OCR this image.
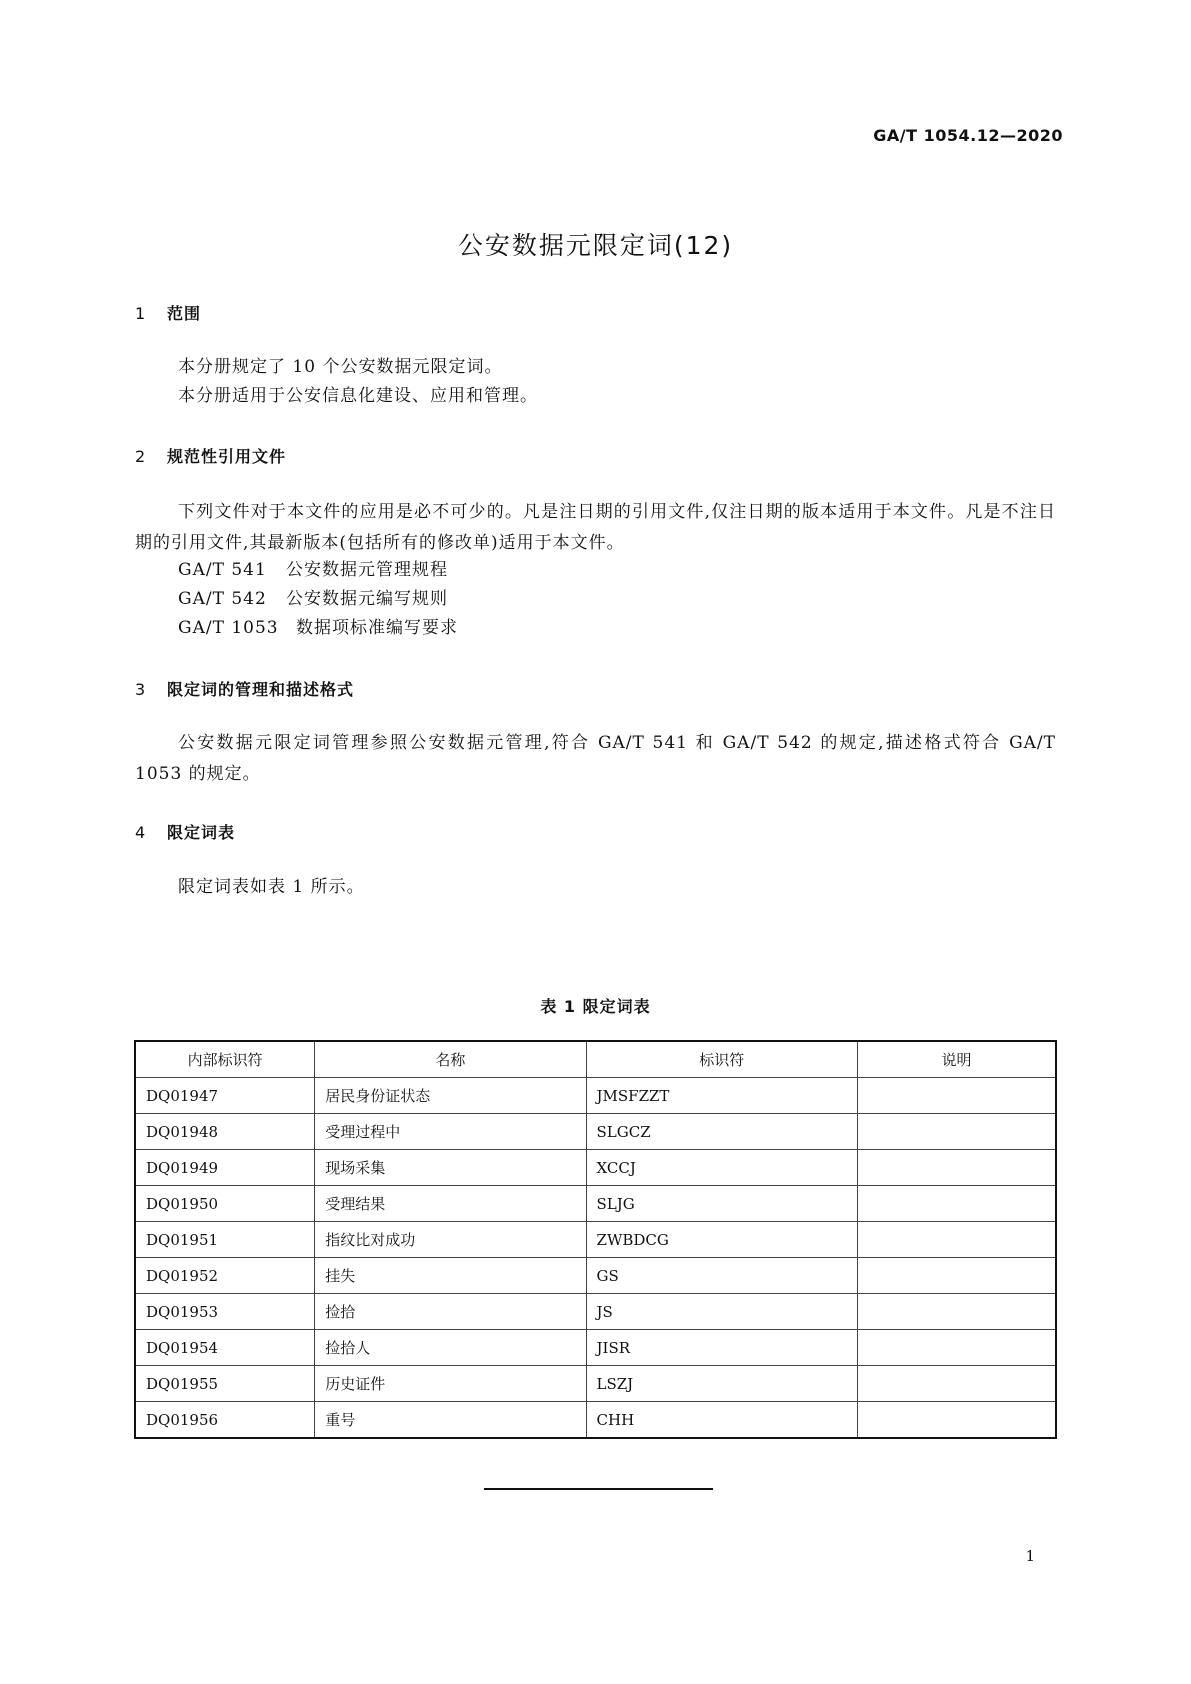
GA/T 1054.12—2020
公安数据元限定词(12)
1 范围
本分册规定了 10 个公安数据元限定词。
本分册适用于公安信息化建设、应用和管理。
2 规范性引用文件
下列文件对于本文件的应用是必不可少的。凡是注日期的引用文件,仅注日期的版本适用于本文件。凡是不注日期的引用文件,其最新版本(包括所有的修改单)适用于本文件。
GA/T 541 公安数据元管理规程
GA/T 542 公安数据元编写规则
GA/T 1053 数据项标准编写要求
3 限定词的管理和描述格式
公安数据元限定词管理参照公安数据元管理,符合 GA/T 541 和 GA/T 542 的规定,描述格式符合 GA/T 1053 的规定。
4 限定词表
限定词表如表 1 所示。
表 1 限定词表
内部标识符	名称	标识符	说明
DQ01947	居民身份证状态	JMSFZZT	
DQ01948	受理过程中	SLGCZ	
DQ01949	现场采集	XCCJ	
DQ01950	受理结果	SLJG	
DQ01951	指纹比对成功	ZWBDCG	
DQ01952	挂失	GS	
DQ01953	捡拾	JS	
DQ01954	捡拾人	JISR	
DQ01955	历史证件	LSZJ	
DQ01956	重号	CHH	
1
